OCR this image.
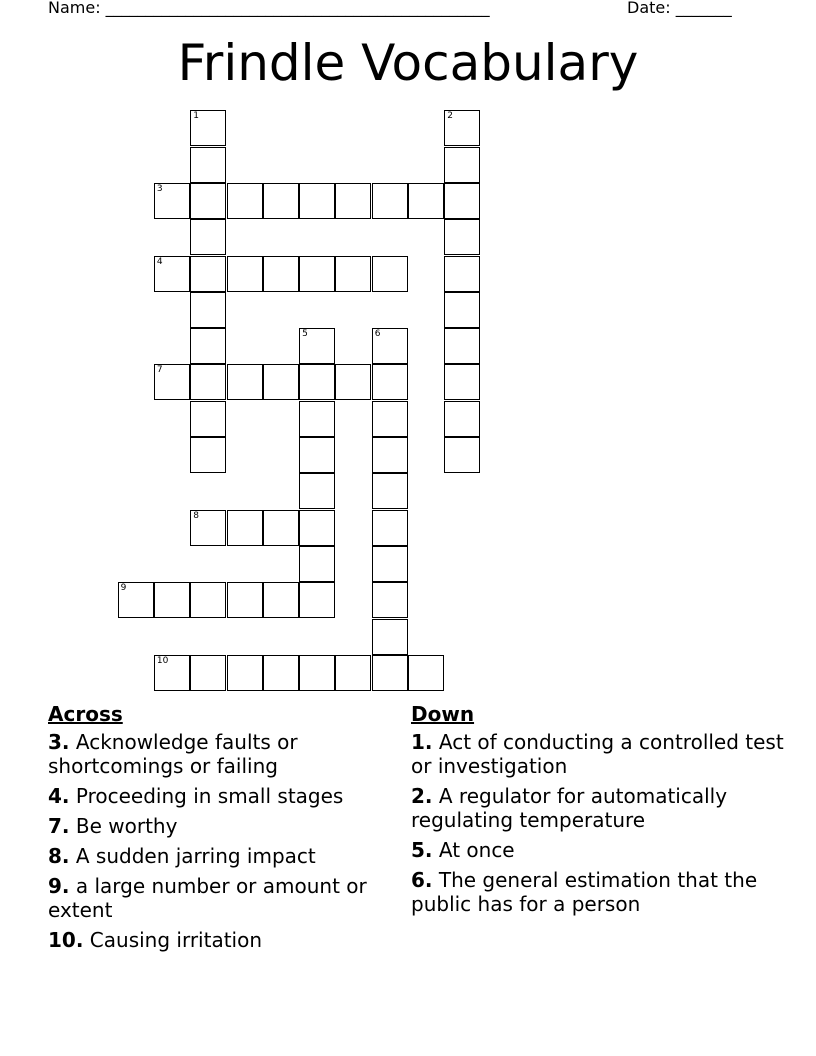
Name: ________________________________________________	Date: _______
Frindle Vocabulary
1	2
3
4
5	6
7
8
9
10
Across
3. Acknowledge faults or shortcomings or failing
4. Proceeding in small stages
7. Be worthy
8. A sudden jarring impact
9. a large number or amount or extent
10. Causing irritation
Down
1. Act of conducting a controlled test or investigation
2. A regulator for automatically regulating temperature
5. At once
6. The general estimation that the public has for a person
